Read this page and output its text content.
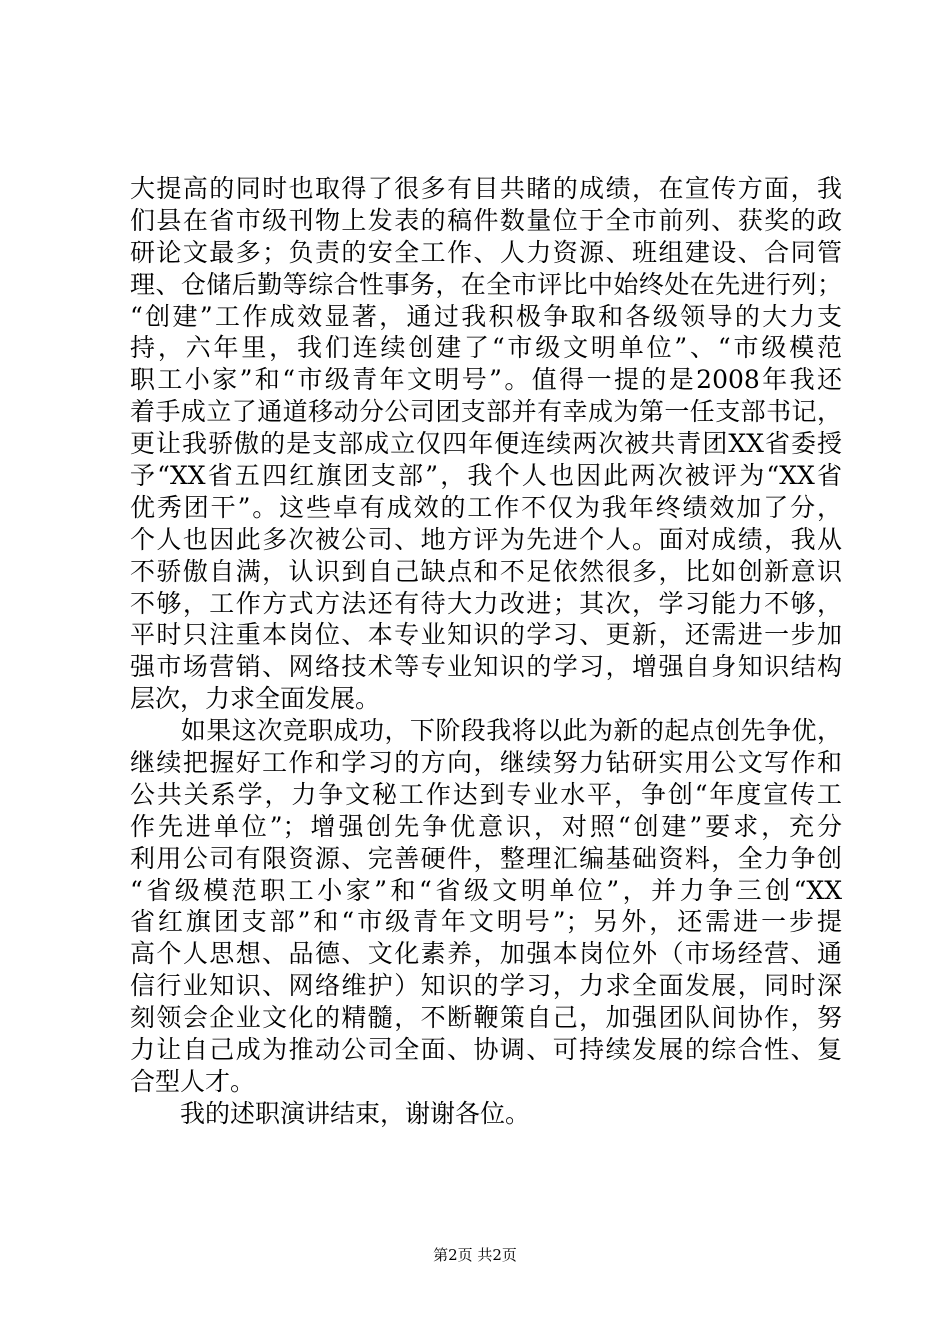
大提高的同时也取得了很多有目共睹的成绩，在宣传方面，我
们县在省市级刊物上发表的稿件数量位于全市前列、获奖的政
研论文最多；负责的安全工作、人力资源、班组建设、合同管
理、仓储后勤等综合性事务，在全市评比中始终处在先进行列；
“创建”工作成效显著，通过我积极争取和各级领导的大力支
持，六年里，我们连续创建了“市级文明单位”、“市级模范
职工小家”和“市级青年文明号”。值得一提的是2008年我还
着手成立了通道移动分公司团支部并有幸成为第一任支部书记，
更让我骄傲的是支部成立仅四年便连续两次被共青团XX省委授
予“XX省五四红旗团支部”，我个人也因此两次被评为“XX省
优秀团干”。这些卓有成效的工作不仅为我年终绩效加了分，
个人也因此多次被公司、地方评为先进个人。面对成绩，我从
不骄傲自满，认识到自己缺点和不足依然很多，比如创新意识
不够，工作方式方法还有待大力改进；其次，学习能力不够，
平时只注重本岗位、本专业知识的学习、更新，还需进一步加
强市场营销、网络技术等专业知识的学习，增强自身知识结构
层次，力求全面发展。
　　如果这次竞职成功，下阶段我将以此为新的起点创先争优，
继续把握好工作和学习的方向，继续努力钻研实用公文写作和
公共关系学，力争文秘工作达到专业水平，争创“年度宣传工
作先进单位”；增强创先争优意识，对照“创建”要求，充分
利用公司有限资源、完善硬件，整理汇编基础资料，全力争创
“省级模范职工小家”和“省级文明单位”，并力争三创“XX
省红旗团支部”和“市级青年文明号”；另外，还需进一步提
高个人思想、品德、文化素养，加强本岗位外（市场经营、通
信行业知识、网络维护）知识的学习，力求全面发展，同时深
刻领会企业文化的精髓，不断鞭策自己，加强团队间协作，努
力让自己成为推动公司全面、协调、可持续发展的综合性、复
合型人才。
　　我的述职演讲结束，谢谢各位。
第2页 共2页
